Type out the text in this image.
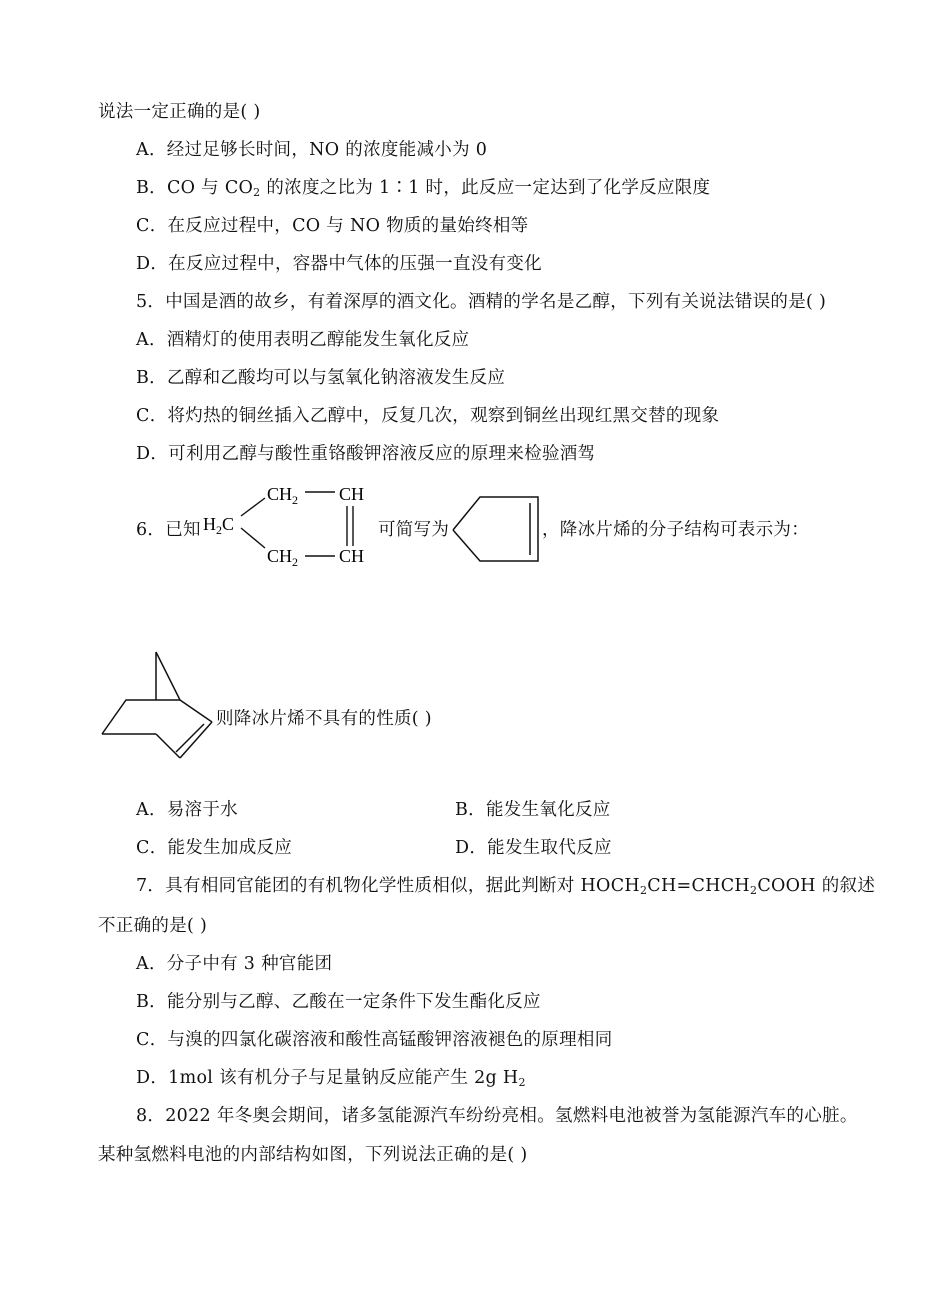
说法一定正确的是( )
A．经过足够长时间，NO 的浓度能减小为 0
B．CO 与 $CO_2$ 的浓度之比为 1∶1 时，此反应一定达到了化学反应限度
C．在反应过程中，CO 与 NO 物质的量始终相等
D．在反应过程中，容器中气体的压强一直没有变化
5．中国是酒的故乡，有着深厚的酒文化。酒精的学名是乙醇，下列有关说法错误的是( )
A．酒精灯的使用表明乙醇能发生氧化反应
B．乙醇和乙酸均可以与氢氧化钠溶液发生反应
C．将灼热的铜丝插入乙醇中，反复几次，观察到铜丝出现红黑交替的现象
D．可利用乙醇与酸性重铬酸钾溶液反应的原理来检验酒驾
6．已知 $H_2C$
$CH_2$
$CH_2$
CH
CH
可简写为	，降冰片烯的分子结构可表示为：
则降冰片烯不具有的性质( )
A．易溶于水	B．能发生氧化反应
C．能发生加成反应	D．能发生取代反应
7．具有相同官能团的有机物化学性质相似，据此判断对 $HOCH_2CH=CHCH_2COOH$ 的叙述
不正确的是( )
A．分子中有 3 种官能团
B．能分别与乙醇、乙酸在一定条件下发生酯化反应
C．与溴的四氯化碳溶液和酸性高锰酸钾溶液褪色的原理相同
D．1mol 该有机分子与足量钠反应能产生 2g $H_2$
8．2022 年冬奥会期间，诸多氢能源汽车纷纷亮相。氢燃料电池被誉为氢能源汽车的心脏。
某种氢燃料电池的内部结构如图，下列说法正确的是( )
